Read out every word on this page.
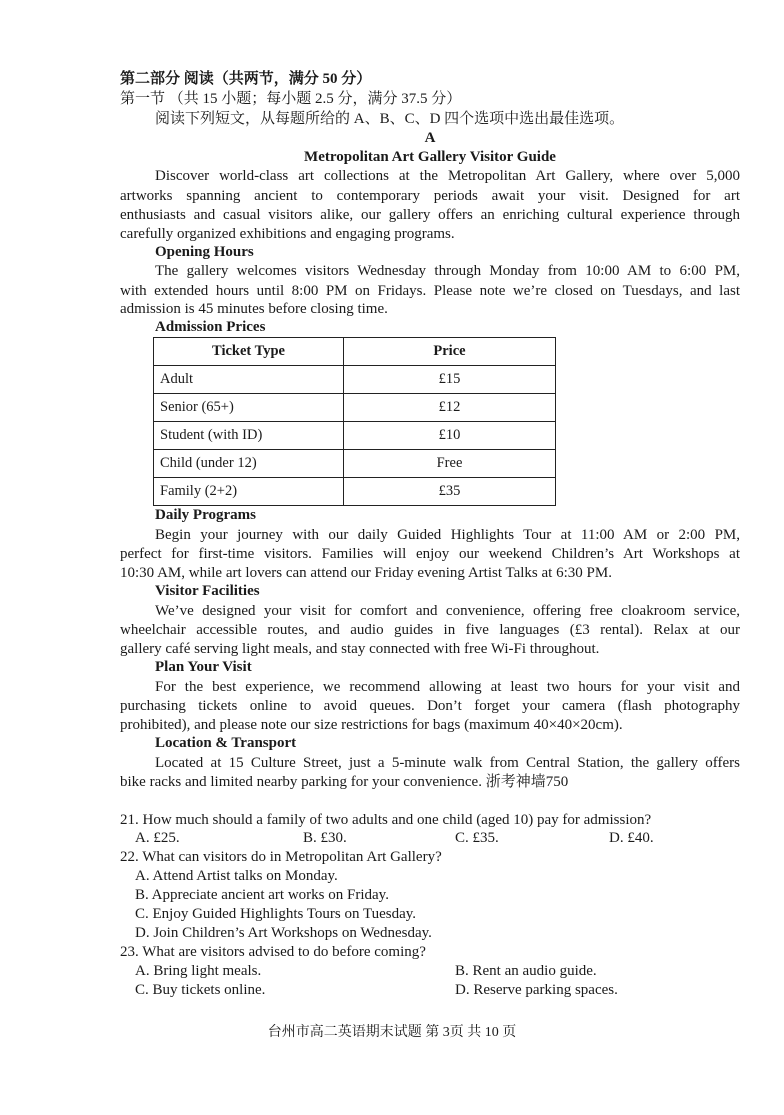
第二部分 阅读（共两节，满分 50 分）
第一节 （共 15 小题；每小题 2.5 分，满分 37.5 分）
阅读下列短文，从每题所给的 A、B、C、D 四个选项中选出最佳选项。
A
Metropolitan Art Gallery Visitor Guide
Discover world-class art collections at the Metropolitan Art Gallery, where over 5,000
artworks spanning ancient to contemporary periods await your visit. Designed for art
enthusiasts and casual visitors alike, our gallery offers an enriching cultural experience through
carefully organized exhibitions and engaging programs.
Opening Hours
The gallery welcomes visitors Wednesday through Monday from 10:00 AM to 6:00 PM,
with extended hours until 8:00 PM on Fridays. Please note we’re closed on Tuesdays, and last
admission is 45 minutes before closing time.
Admission Prices
Ticket Type	Price
Adult	£15
Senior (65+)	£12
Student (with ID)	£10
Child (under 12)	Free
Family (2+2)	£35
Daily Programs
Begin your journey with our daily Guided Highlights Tour at 11:00 AM or 2:00 PM,
perfect for first-time visitors. Families will enjoy our weekend Children’s Art Workshops at
10:30 AM, while art lovers can attend our Friday evening Artist Talks at 6:30 PM.
Visitor Facilities
We’ve designed your visit for comfort and convenience, offering free cloakroom service,
wheelchair accessible routes, and audio guides in five languages (£3 rental). Relax at our
gallery café serving light meals, and stay connected with free Wi-Fi throughout.
Plan Your Visit
For the best experience, we recommend allowing at least two hours for your visit and
purchasing tickets online to avoid queues. Don’t forget your camera (flash photography
prohibited), and please note our size restrictions for bags (maximum 40×40×20cm).
Location & Transport
Located at 15 Culture Street, just a 5-minute walk from Central Station, the gallery offers
bike racks and limited nearby parking for your convenience. 浙考神墙750
21. How much should a family of two adults and one child (aged 10) pay for admission?
A. £25.	B. £30.	C. £35.	D. £40.
22. What can visitors do in Metropolitan Art Gallery?
A. Attend Artist talks on Monday.
B. Appreciate ancient art works on Friday.
C. Enjoy Guided Highlights Tours on Tuesday.
D. Join Children’s Art Workshops on Wednesday.
23. What are visitors advised to do before coming?
A. Bring light meals.	B. Rent an audio guide.
C. Buy tickets online.	D. Reserve parking spaces.
台州市高二英语期末试题 第 3页 共 10 页
